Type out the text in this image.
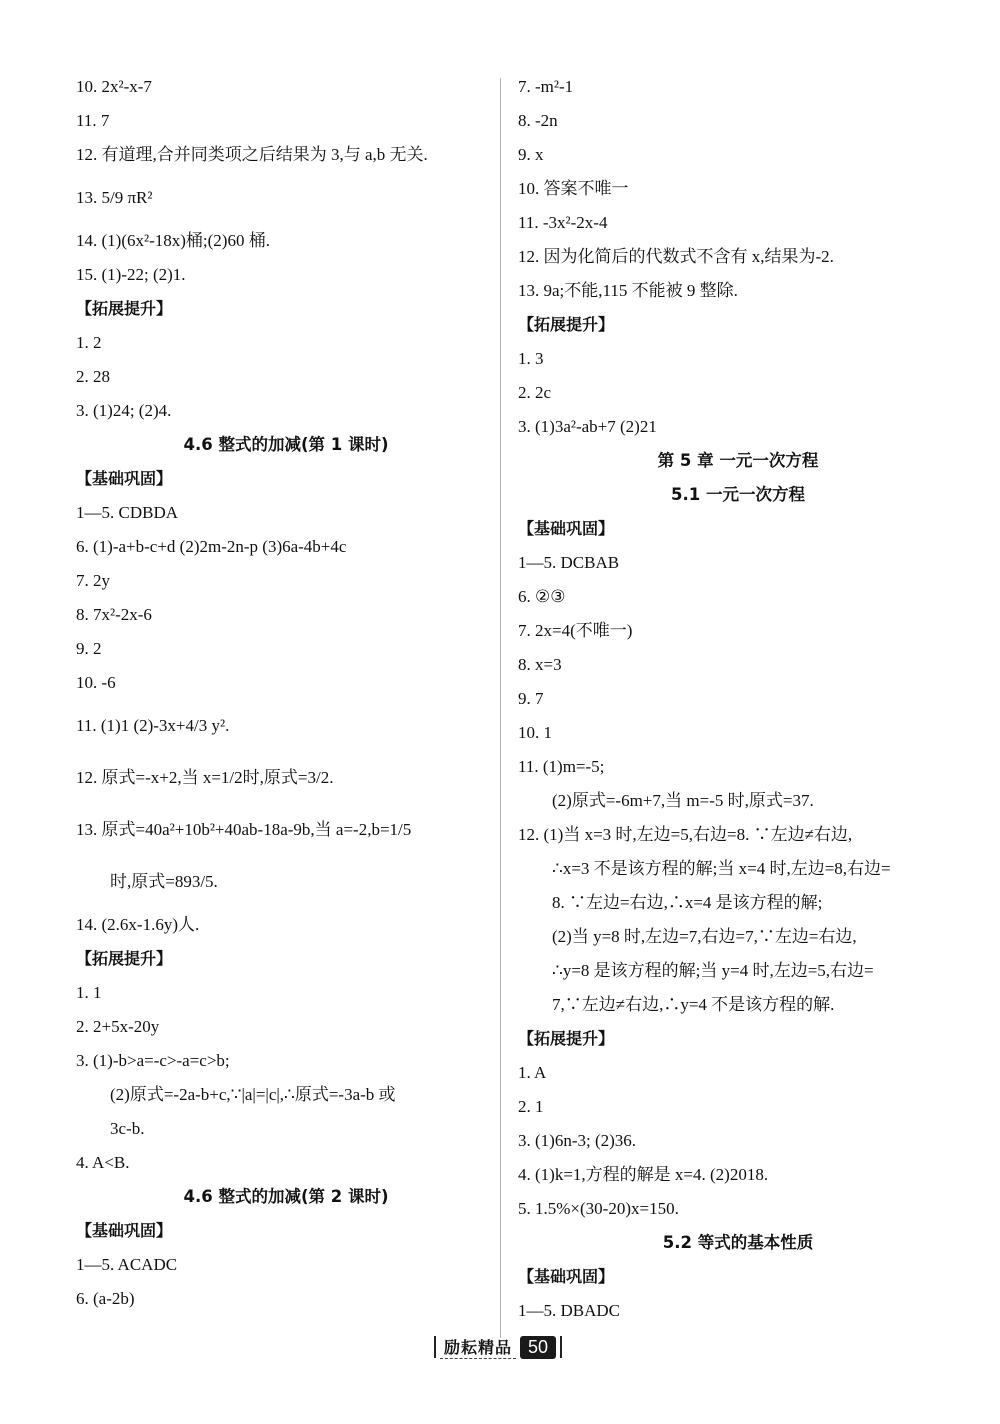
10. 2x²-x-7
11. 7
12. 有道理,合并同类项之后结果为 3,与 a,b 无关.
13. 5/9 πR²
14. (1)(6x²-18x)桶;(2)60 桶.
15. (1)-22; (2)1.
【拓展提升】
1. 2
2. 28
3. (1)24; (2)4.
4.6 整式的加减(第 1 课时)
【基础巩固】
1—5. CDBDA
6. (1)-a+b-c+d (2)2m-2n-p (3)6a-4b+4c
7. 2y
8. 7x²-2x-6
9. 2
10. -6
11. (1)1 (2)-3x+4/3 y².
12. 原式=-x+2,当 x=1/2时,原式=3/2.
13. 原式=40a²+10b²+40ab-18a-9b,当 a=-2,b=1/5
时,原式=893/5.
14. (2.6x-1.6y)人.
【拓展提升】
1. 1
2. 2+5x-20y
3. (1)-b>a=-c>-a=c>b;
(2)原式=-2a-b+c,∵|a|=|c|,∴原式=-3a-b 或
3c-b.
4. A<B.
4.6 整式的加减(第 2 课时)
【基础巩固】
1—5. ACADC
6. (a-2b)
7. -m²-1
8. -2n
9. x
10. 答案不唯一
11. -3x²-2x-4
12. 因为化简后的代数式不含有 x,结果为-2.
13. 9a;不能,115 不能被 9 整除.
【拓展提升】
1. 3
2. 2c
3. (1)3a²-ab+7 (2)21
第 5 章 一元一次方程
5.1 一元一次方程
【基础巩固】
1—5. DCBAB
6. ②③
7. 2x=4(不唯一)
8. x=3
9. 7
10. 1
11. (1)m=-5;
(2)原式=-6m+7,当 m=-5 时,原式=37.
12. (1)当 x=3 时,左边=5,右边=8. ∵左边≠右边,
∴x=3 不是该方程的解;当 x=4 时,左边=8,右边=
8. ∵左边=右边,∴x=4 是该方程的解;
(2)当 y=8 时,左边=7,右边=7,∵左边=右边,
∴y=8 是该方程的解;当 y=4 时,左边=5,右边=
7,∵左边≠右边,∴y=4 不是该方程的解.
【拓展提升】
1. A
2. 1
3. (1)6n-3; (2)36.
4. (1)k=1,方程的解是 x=4. (2)2018.
5. 1.5%×(30-20)x=150.
5.2 等式的基本性质
【基础巩固】
1—5. DBADC
励耘精品 50
